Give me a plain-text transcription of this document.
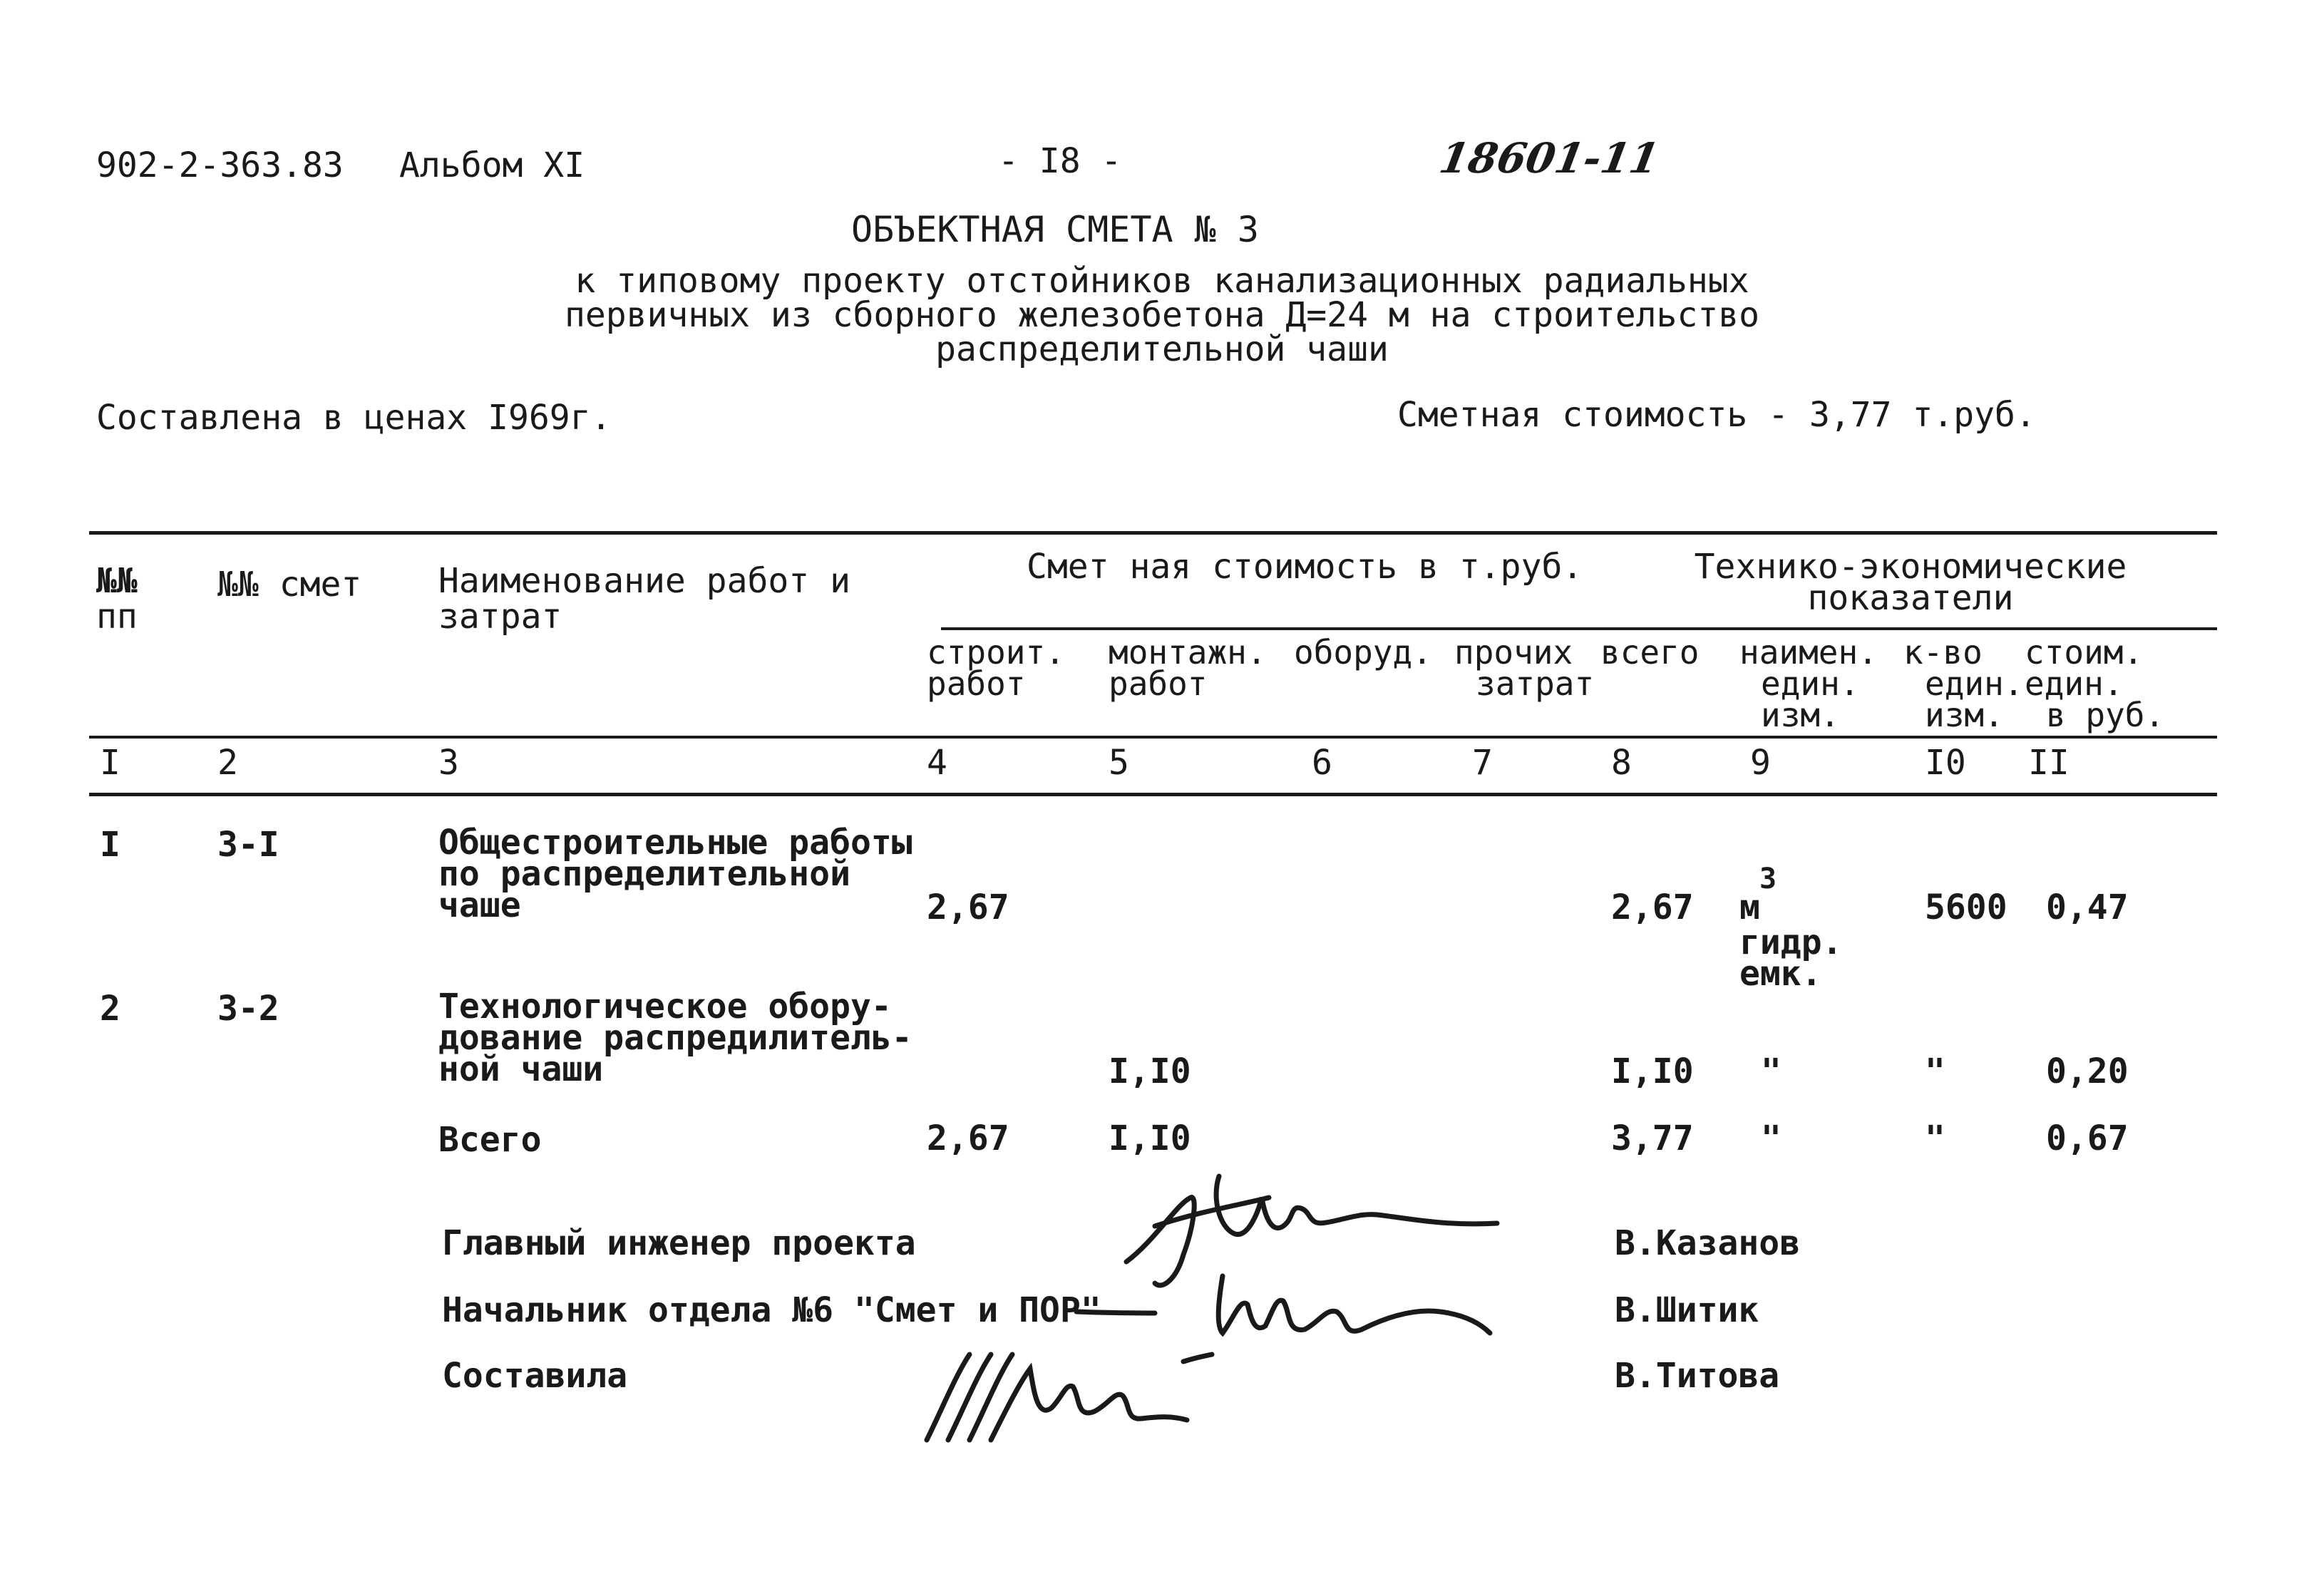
902-2-363.83 Альбом XI	- I8 -	18601-11
ОБЪЕКТНАЯ СМЕТА № 3
к типовому проекту отстойников канализационных радиальных
первичных из сборного железобетона Д=24 м на строительство
распределительной чаши
Составлена в ценах I969г.	Сметная стоимость - 3,77 т.руб.
№№
пп
№№ смет Наименование работ и
затрат
Смет ная стоимость в т.руб.	Технико-экономические
показатели
строит.
работ
монтажн.
работ
оборуд. прочих
затрат
всего наимен.
един.
изм.
к-во
един.
изм.
стоим.
един.
в руб.
I	2	3	4	5	6	7	8	9	I0 II
I	3-I	Общестроительные работы
по распределительной
чаше	2,67	2,67
3
м
гидр.
емк.
5600 0,47
2	3-2	Технологическое обору-
дование распредилитель-
ной чаши	I,I0	I,I0 "	"	0,20
Всего	2,67	I,I0	3,77 "	"	0,67
Главный инженер проекта	В.Казанов
Начальник отдела №6 "Смет и ПОР"	В.Шитик
Составила	В.Титова
